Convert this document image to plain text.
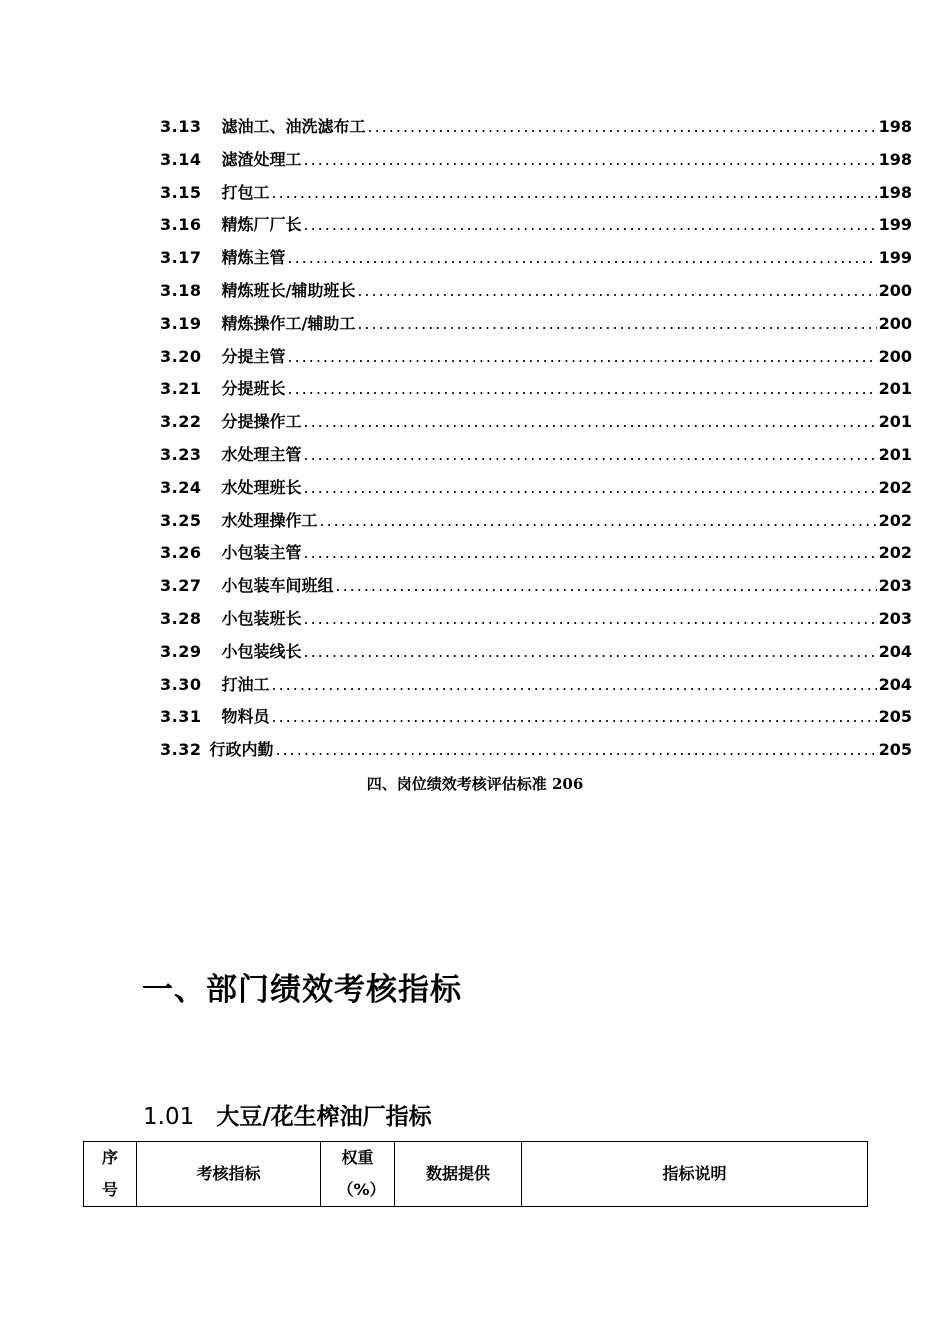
3.13 滤油工、油洗滤布工 .....	198
3.14 滤渣处理工 .....	198
3.15 打包工 .....	198
3.16 精炼厂厂长 .....	199
3.17 精炼主管 .....	199
3.18 精炼班长/辅助班长 .....	200
3.19 精炼操作工/辅助工 .....	200
3.20 分提主管 .....	200
3.21 分提班长 .....	201
3.22 分提操作工 .....	201
3.23 水处理主管 .....	201
3.24 水处理班长 .....	202
3.25 水处理操作工 .....	202
3.26 小包装主管 .....	202
3.27 小包装车间班组 .....	203
3.28 小包装班长 .....	203
3.29 小包装线长 .....	204
3.30 打油工 .....	204
3.31 物料员 .....	205
3.32 行政内勤 .....	205
四、岗位绩效考核评估标准 206
一、部门绩效考核指标
1.01 大豆/花生榨油厂指标
序号	考核指标	权重（%）	数据提供	指标说明
